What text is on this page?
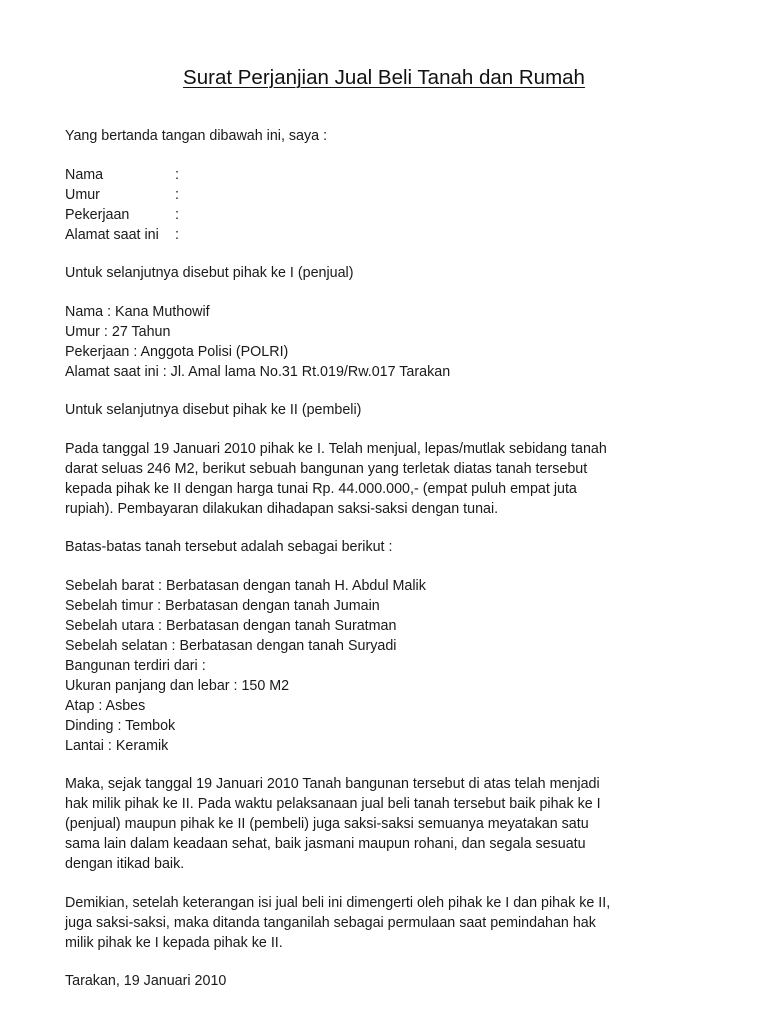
Surat Perjanjian Jual Beli Tanah dan Rumah
Yang bertanda tangan dibawah ini, saya :
Nama	:
Umur	:
Pekerjaan	:
Alamat saat ini	:
Untuk selanjutnya disebut pihak ke I (penjual)
Nama : Kana Muthowif
Umur : 27 Tahun
Pekerjaan : Anggota Polisi (POLRI)
Alamat saat ini : Jl. Amal lama No.31 Rt.019/Rw.017 Tarakan
Untuk selanjutnya disebut pihak ke II (pembeli)
Pada tanggal 19 Januari 2010 pihak ke I. Telah menjual, lepas/mutlak sebidang tanah
darat seluas 246 M2, berikut sebuah bangunan yang terletak diatas tanah tersebut
kepada pihak ke II dengan harga tunai Rp. 44.000.000,- (empat puluh empat juta
rupiah). Pembayaran dilakukan dihadapan saksi-saksi dengan tunai.
Batas-batas tanah tersebut adalah sebagai berikut :
Sebelah barat : Berbatasan dengan tanah H. Abdul Malik
Sebelah timur : Berbatasan dengan tanah Jumain
Sebelah utara : Berbatasan dengan tanah Suratman
Sebelah selatan : Berbatasan dengan tanah Suryadi
Bangunan terdiri dari :
Ukuran panjang dan lebar : 150 M2
Atap : Asbes
Dinding : Tembok
Lantai : Keramik
Maka, sejak tanggal 19 Januari 2010 Tanah bangunan tersebut di atas telah menjadi
hak milik pihak ke II. Pada waktu pelaksanaan jual beli tanah tersebut baik pihak ke I
(penjual) maupun pihak ke II (pembeli) juga saksi-saksi semuanya meyatakan satu
sama lain dalam keadaan sehat, baik jasmani maupun rohani, dan segala sesuatu
dengan itikad baik.
Demikian, setelah keterangan isi jual beli ini dimengerti oleh pihak ke I dan pihak ke II,
juga saksi-saksi, maka ditanda tanganilah sebagai permulaan saat pemindahan hak
milik pihak ke I kepada pihak ke II.
Tarakan, 19 Januari 2010
